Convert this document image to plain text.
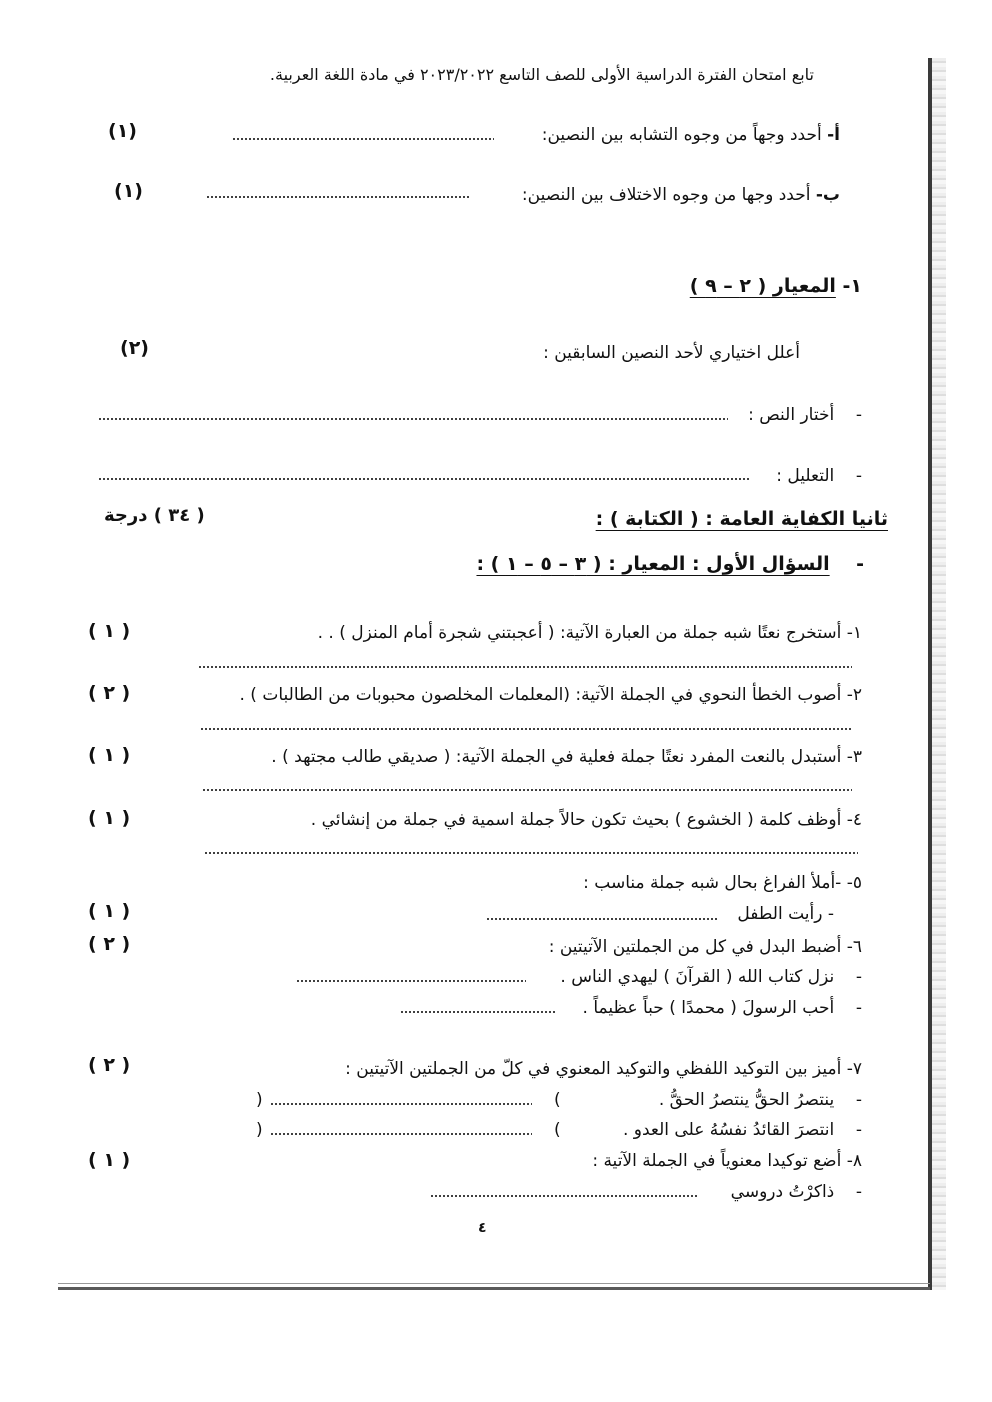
تابع امتحان الفترة الدراسية الأولى للصف التاسع ٢٠٢٣/٢٠٢٢ في مادة اللغة العربية.
أ- أحدد وجهاً من وجوه التشابه بين النصين:
(١)
ب- أحدد وجها من وجوه الاختلاف بين النصين:
(١)
١- المعيار ( ٢ – ٩ )
أعلل اختياري لأحد النصين السابقين :
(٢)
-    أختار النص :
-    التعليل :
ثانيا الكفاية العامة : ( الكتابة ) :
( ٣٤ ) درجة
-    السؤال الأول : المعيار : ( ٣ – ٥ – ١ ) :
١- أستخرج نعتًا شبه جملة من العبارة الآتية: ( أعجبتني شجرة أمام المنزل ) . .
( ١ )
٢- أصوب الخطأ النحوي في الجملة الآتية: (المعلمات المخلصون محبوبات من الطالبات ) .
( ٢ )
٣- أستبدل بالنعت المفرد نعتًا جملة فعلية في الجملة الآتية: ( صديقي طالب مجتهد ) .
( ١ )
٤- أوظف كلمة ( الخشوع ) بحيث تكون حالاً جملة اسمية في جملة من إنشائي .
( ١ )
٥- -أملأ الفراغ بحال شبه جملة مناسب :
- رأيت الطفل
( ١ )
٦- أضبط البدل في كل من الجملتين الآتيتين :
( ٢ )
-    نزل كتاب الله ( القرآنَ ) ليهدي الناس .
-    أحب الرسولَ ( محمدًا ) حباً عظيماً .
٧- أميز بين التوكيد اللفظي والتوكيد المعنوي في كلّ من الجملتين الآتيتين :
( ٢ )
-    ينتصرُ الحقُّ ينتصرُ الحقُّ .
(
)
-    انتصرَ القائدُ نفسُهُ على العدو .
(
)
٨- أضع توكيدا معنوياً في الجملة الآتية :
( ١ )
-    ذاكرْتُ دروسي
٤
